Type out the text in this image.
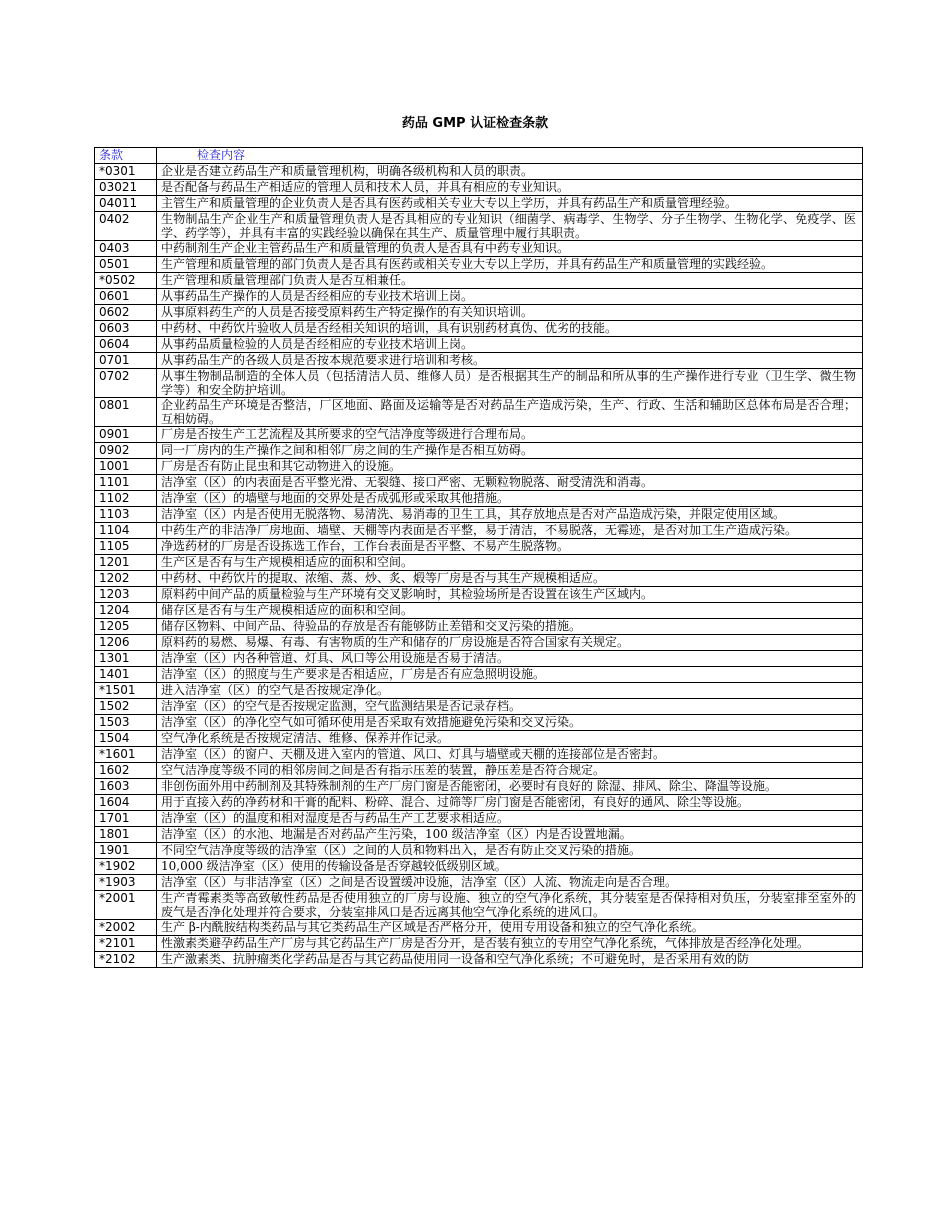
药品 GMP 认证检查条款
条款	检查内容
*0301	企业是否建立药品生产和质量管理机构，明确各级机构和人员的职责。
03021	是否配备与药品生产相适应的管理人员和技术人员，并具有相应的专业知识。
04011	主管生产和质量管理的企业负责人是否具有医药或相关专业大专以上学历，并具有药品生产和质量管理经验。
0402	生物制品生产企业生产和质量管理负责人是否具相应的专业知识（细菌学、病毒学、生物学、分子生物学、生物化学、免疫学、医学、药学等），并具有丰富的实践经验以确保在其生产、质量管理中履行其职责。
0403	中药制剂生产企业主管药品生产和质量管理的负责人是否具有中药专业知识。
0501	生产管理和质量管理的部门负责人是否具有医药或相关专业大专以上学历，并具有药品生产和质量管理的实践经验。
*0502	生产管理和质量管理部门负责人是否互相兼任。
0601	从事药品生产操作的人员是否经相应的专业技术培训上岗。
0602	从事原料药生产的人员是否接受原料药生产特定操作的有关知识培训。
0603	中药材、中药饮片验收人员是否经相关知识的培训，具有识别药材真伪、优劣的技能。
0604	从事药品质量检验的人员是否经相应的专业技术培训上岗。
0701	从事药品生产的各级人员是否按本规范要求进行培训和考核。
0702	从事生物制品制造的全体人员（包括清洁人员、维修人员）是否根据其生产的制品和所从事的生产操作进行专业（卫生学、微生物学等）和安全防护培训。
0801	企业药品生产环境是否整洁，厂区地面、路面及运输等是否对药品生产造成污染，生产、行政、生活和辅助区总体布局是否合理；互相妨碍。
0901	厂房是否按生产工艺流程及其所要求的空气洁净度等级进行合理布局。
0902	同一厂房内的生产操作之间和相邻厂房之间的生产操作是否相互妨碍。
1001	厂房是否有防止昆虫和其它动物进入的设施。
1101	洁净室（区）的内表面是否平整光滑、无裂缝、接口严密、无颗粒物脱落、耐受清洗和消毒。
1102	洁净室（区）的墙壁与地面的交界处是否成弧形或采取其他措施。
1103	洁净室（区）内是否使用无脱落物、易清洗、易消毒的卫生工具，其存放地点是否对产品造成污染，并限定使用区域。
1104	中药生产的非洁净厂房地面、墙壁、天棚等内表面是否平整，易于清洁，不易脱落，无霉迹，是否对加工生产造成污染。
1105	净选药材的厂房是否设拣选工作台，工作台表面是否平整、不易产生脱落物。
1201	生产区是否有与生产规模相适应的面积和空间。
1202	中药材、中药饮片的提取、浓缩、蒸、炒、炙、煅等厂房是否与其生产规模相适应。
1203	原料药中间产品的质量检验与生产环境有交叉影响时，其检验场所是否设置在该生产区域内。
1204	储存区是否有与生产规模相适应的面积和空间。
1205	储存区物料、中间产品、待验品的存放是否有能够防止差错和交叉污染的措施。
1206	原料药的易燃、易爆、有毒、有害物质的生产和储存的厂房设施是否符合国家有关规定。
1301	洁净室（区）内各种管道、灯具、风口等公用设施是否易于清洁。
1401	洁净室（区）的照度与生产要求是否相适应，厂房是否有应急照明设施。
*1501	进入洁净室（区）的空气是否按规定净化。
1502	洁净室（区）的空气是否按规定监测，空气监测结果是否记录存档。
1503	洁净室（区）的净化空气如可循环使用是否采取有效措施避免污染和交叉污染。
1504	空气净化系统是否按规定清洁、维修、保养并作记录。
*1601	洁净室（区）的窗户、天棚及进入室内的管道、风口、灯具与墙壁或天棚的连接部位是否密封。
1602	空气洁净度等级不同的相邻房间之间是否有指示压差的装置，静压差是否符合规定。
1603	非创伤面外用中药制剂及其特殊制剂的生产厂房门窗是否能密闭，必要时有良好的 除湿、排风、除尘、降温等设施。
1604	用于直接入药的净药材和干膏的配料、粉碎、混合、过筛等厂房门窗是否能密闭，有良好的通风、除尘等设施。
1701	洁净室（区）的温度和相对湿度是否与药品生产工艺要求相适应。
1801	洁净室（区）的水池、地漏是否对药品产生污染，100 级洁净室（区）内是否设置地漏。
1901	不同空气洁净度等级的洁净室（区）之间的人员和物料出入，是否有防止交叉污染的措施。
*1902	10,000 级洁净室（区）使用的传输设备是否穿越较低级别区域。
*1903	洁净室（区）与非洁净室（区）之间是否设置缓冲设施，洁净室（区）人流、物流走向是否合理。
*2001	生产青霉素类等高致敏性药品是否使用独立的厂房与设施、独立的空气净化系统，其分装室是否保持相对负压，分装室排至室外的废气是否净化处理并符合要求，分装室排风口是否远离其他空气净化系统的进风口。
*2002	生产 β-内酰胺结构类药品与其它类药品生产区域是否严格分开，使用专用设备和独立的空气净化系统。
*2101	性激素类避孕药品生产厂房与其它药品生产厂房是否分开，是否装有独立的专用空气净化系统，气体排放是否经净化处理。
*2102	生产激素类、抗肿瘤类化学药品是否与其它药品使用同一设备和空气净化系统；不可避免时，是否采用有效的防
